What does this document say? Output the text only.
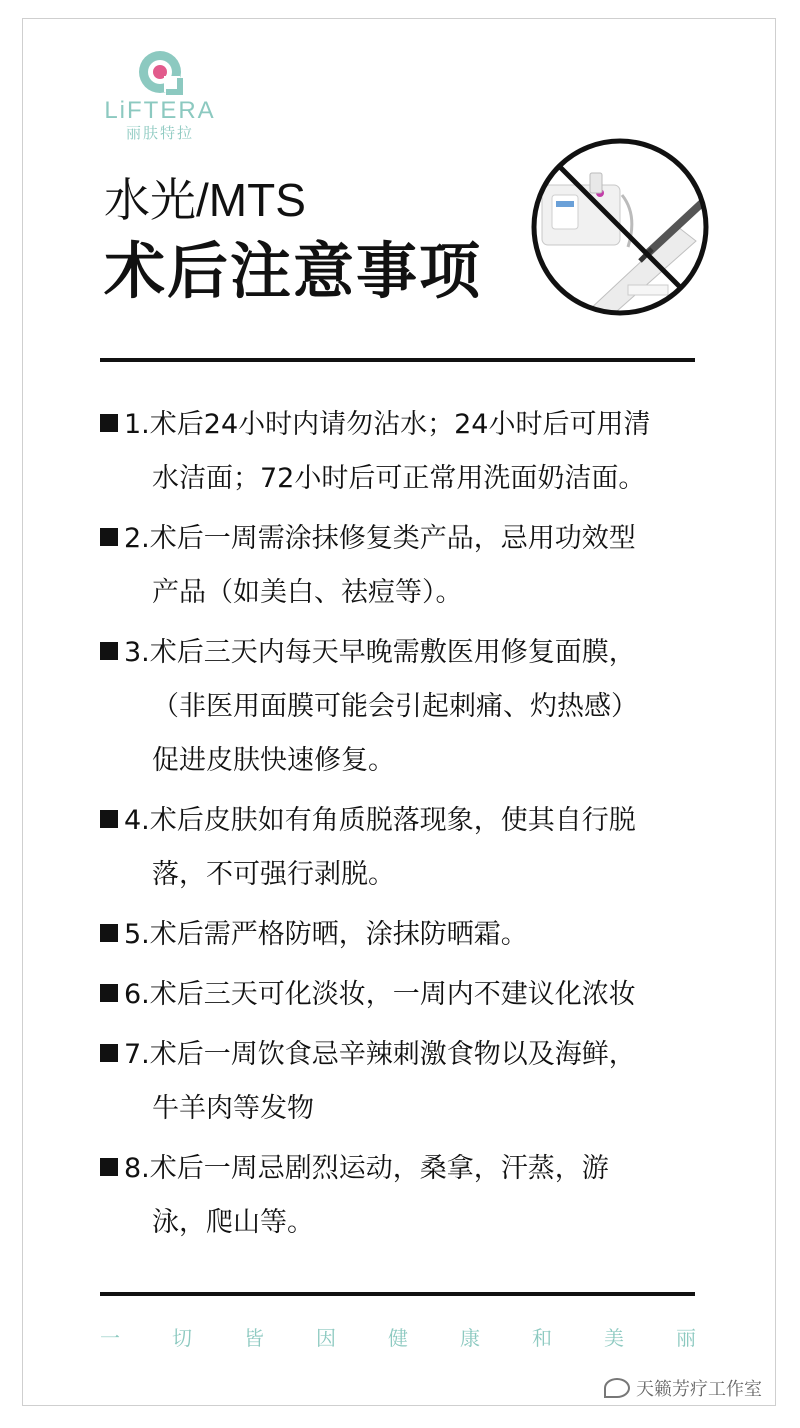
LiFTERA
丽肤特拉
水光/MTS
术后注意事项
1.术后24小时内请勿沾水；24小时后可用清
水洁面；72小时后可正常用洗面奶洁面。
2.术后一周需涂抹修复类产品，忌用功效型
产品（如美白、祛痘等）。
3.术后三天内每天早晚需敷医用修复面膜，
（非医用面膜可能会引起刺痛、灼热感）
促进皮肤快速修复。
4.术后皮肤如有角质脱落现象，使其自行脱
落，不可强行剥脱。
5.术后需严格防晒，涂抹防晒霜。
6.术后三天可化淡妆，一周内不建议化浓妆
7.术后一周饮食忌辛辣刺激食物以及海鲜，
牛羊肉等发物
8.术后一周忌剧烈运动，桑拿，汗蒸，游
泳，爬山等。
一	切	皆	因	健	康	和	美	丽
天籁芳疗工作室
